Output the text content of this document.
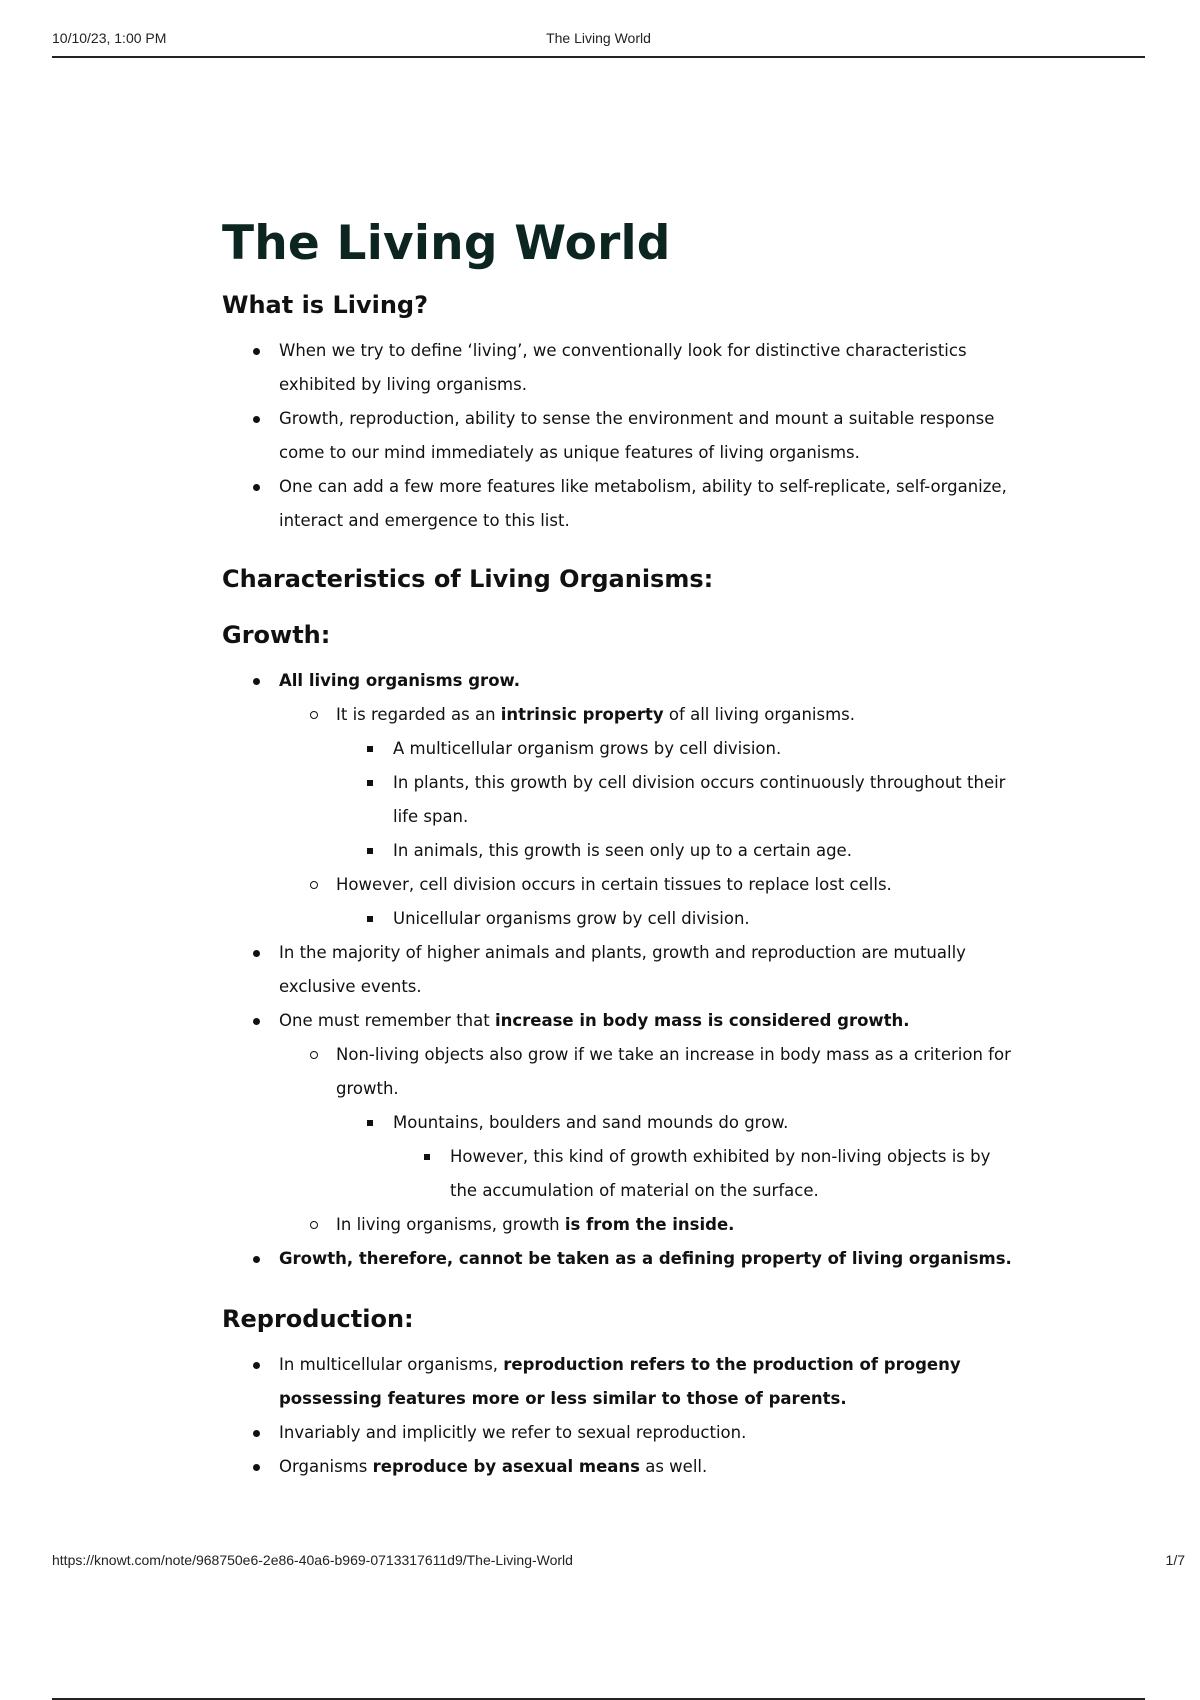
10/10/23, 1:00 PM	The Living World
The Living World
What is Living?
When we try to define ‘living’, we conventionally look for distinctive characteristics exhibited by living organisms.
Growth, reproduction, ability to sense the environment and mount a suitable response come to our mind immediately as unique features of living organisms.
One can add a few more features like metabolism, ability to self-replicate, self-organize, interact and emergence to this list.
Characteristics of Living Organisms:
Growth:
All living organisms grow.
It is regarded as an intrinsic property of all living organisms.
A multicellular organism grows by cell division.
In plants, this growth by cell division occurs continuously throughout their life span.
In animals, this growth is seen only up to a certain age.
However, cell division occurs in certain tissues to replace lost cells.
Unicellular organisms grow by cell division.
In the majority of higher animals and plants, growth and reproduction are mutually exclusive events.
One must remember that increase in body mass is considered growth.
Non-living objects also grow if we take an increase in body mass as a criterion for growth.
Mountains, boulders and sand mounds do grow.
However, this kind of growth exhibited by non-living objects is by the accumulation of material on the surface.
In living organisms, growth is from the inside.
Growth, therefore, cannot be taken as a defining property of living organisms.
Reproduction:
In multicellular organisms, reproduction refers to the production of progeny possessing features more or less similar to those of parents.
Invariably and implicitly we refer to sexual reproduction.
Organisms reproduce by asexual means as well.
https://knowt.com/note/968750e6-2e86-40a6-b969-0713317611d9/The-Living-World	1/7
